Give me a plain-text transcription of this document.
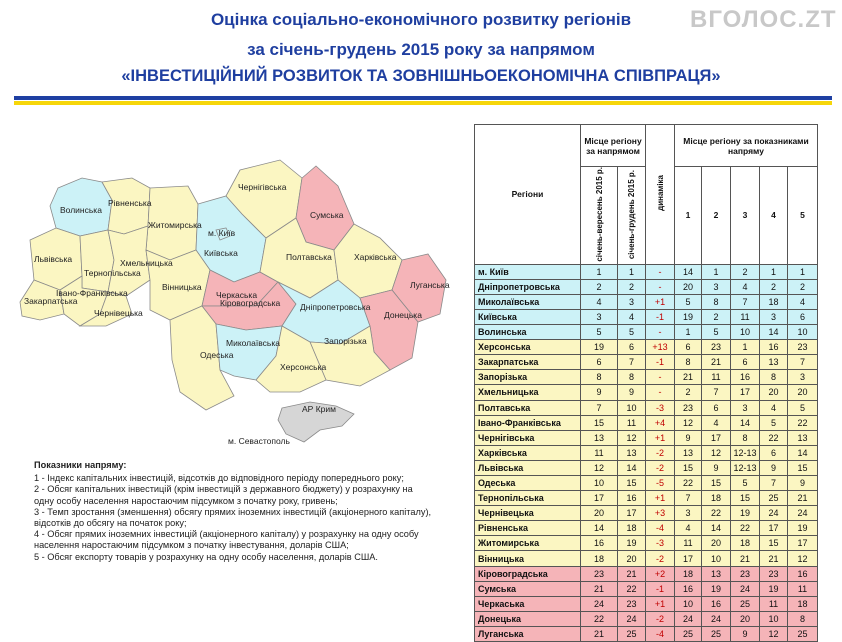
Оцінка соціально-економічного розвитку регіонів
за січень-грудень 2015 року за напрямом
«ІНВЕСТИЦІЙНИЙ РОЗВИТОК ТА ЗОВНІШНЬОЕКОНОМІЧНА СПІВПРАЦЯ»
ВГОЛОС.ZT
Волинська
Рівненська
Житомирська
Київська
м. Київ
Чернігівська
Сумська
Львівська
Тернопільська
Хмельницька
Вінницька
Черкаська
Полтавська	Харківська
Луганська
Закарпатська
Івано-Франківська
Чернівецька
Кіровоградська Дніпропетровська
Донецька
Миколаївська	Запорізька
Одеська
Херсонська
АР Крим
м. Севастополь
Показники напряму:
1 - Індекс капітальних інвестицій, відсотків до відповідного періоду попереднього року;
2 - Обсяг капітальних інвестицій (крім інвестицій з державного бюджету) у розрахунку на одну особу населення наростаючим підсумком з початку року, гривень;
3 - Темп зростання (зменшення) обсягу прямих іноземних інвестицій (акціонерного капіталу), відсотків до обсягу на початок року;
4 - Обсяг прямих іноземних інвестицій (акціонерного капіталу) у розрахунку на одну особу населення наростаючим підсумком з початку інвестування, доларів США;
5 - Обсяг експорту товарів у розрахунку на одну особу населення, доларів США.
Регіони	Місце регіону за напрямом		динаміка	Місце регіону за показниками напряму				
	січень-вересень 2015 р.	січень-грудень 2015 р.		1	2	3	4	5
м. Київ	1	1	-	14	1	2	1	1
Дніпропетровська	2	2	-	20	3	4	2	2
Миколаївська	4	3	+1	5	8	7	18	4
Київська	3	4	-1	19	2	11	3	6
Волинська	5	5	-	1	5	10	14	10
Херсонська	19	6	+13	6	23	1	16	23
Закарпатська	6	7	-1	8	21	6	13	7
Запорізька	8	8	-	21	11	16	8	3
Хмельницька	9	9	-	2	7	17	20	20
Полтавська	7	10	-3	23	6	3	4	5
Івано-Франківська	15	11	+4	12	4	14	5	22
Чернігівська	13	12	+1	9	17	8	22	13
Харківська	11	13	-2	13	12	12-13	6	14
Львівська	12	14	-2	15	9	12-13	9	15
Одеська	10	15	-5	22	15	5	7	9
Тернопільська	17	16	+1	7	18	15	25	21
Чернівецька	20	17	+3	3	22	19	24	24
Рівненська	14	18	-4	4	14	22	17	19
Житомирська	16	19	-3	11	20	18	15	17
Вінницька	18	20	-2	17	10	21	21	12
Кіровоградська	23	21	+2	18	13	23	23	16
Сумська	21	22	-1	16	19	24	19	11
Черкаська	24	23	+1	10	16	25	11	18
Донецька	22	24	-2	24	24	20	10	8
Луганська	21	25	-4	25	25	9	12	25
